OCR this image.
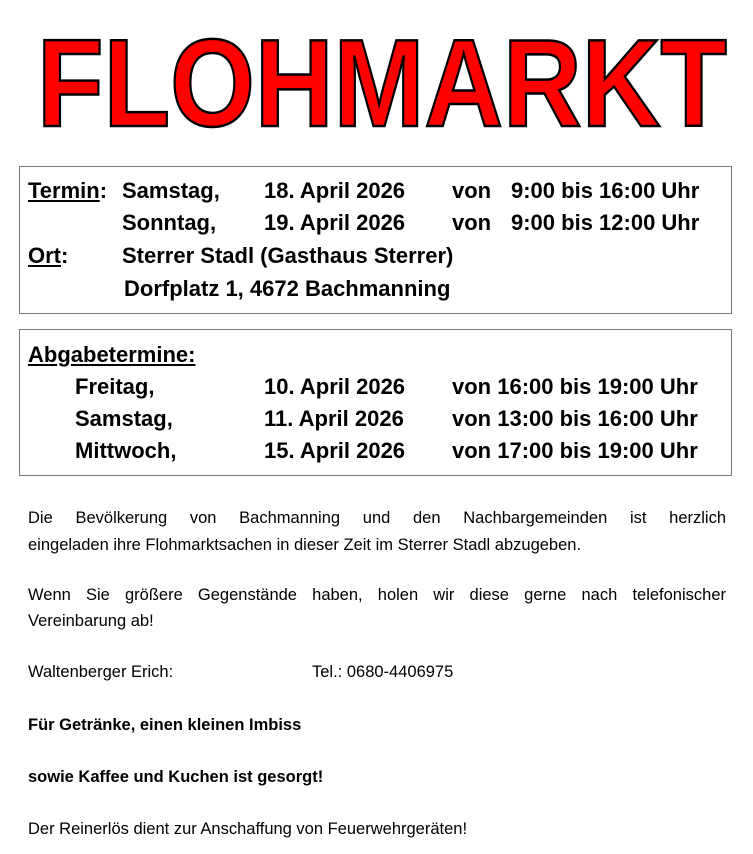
FLOHMARKT
Termin: Samstag, 18. April 2026 von 9:00 bis 16:00 Uhr
Sonntag, 19. April 2026 von 9:00 bis 12:00 Uhr
Ort: Sterrer Stadl (Gasthaus Sterrer)
Dorfplatz 1, 4672 Bachmanning
Abgabetermine:
Freitag,	10. April 2026 von 16:00 bis 19:00 Uhr
Samstag,	11. April 2026 von 13:00 bis 16:00 Uhr
Mittwoch,	15. April 2026 von 17:00 bis 19:00 Uhr
Die Bevölkerung von Bachmanning und den Nachbargemeinden ist herzlich
eingeladen ihre Flohmarktsachen in dieser Zeit im Sterrer Stadl abzugeben.
Wenn Sie größere Gegenstände haben, holen wir diese gerne nach telefonischer
Vereinbarung ab!
Waltenberger Erich:	Tel.: 0680-4406975
Für Getränke, einen kleinen Imbiss
sowie Kaffee und Kuchen ist gesorgt!
Der Reinerlös dient zur Anschaffung von Feuerwehrgeräten!
